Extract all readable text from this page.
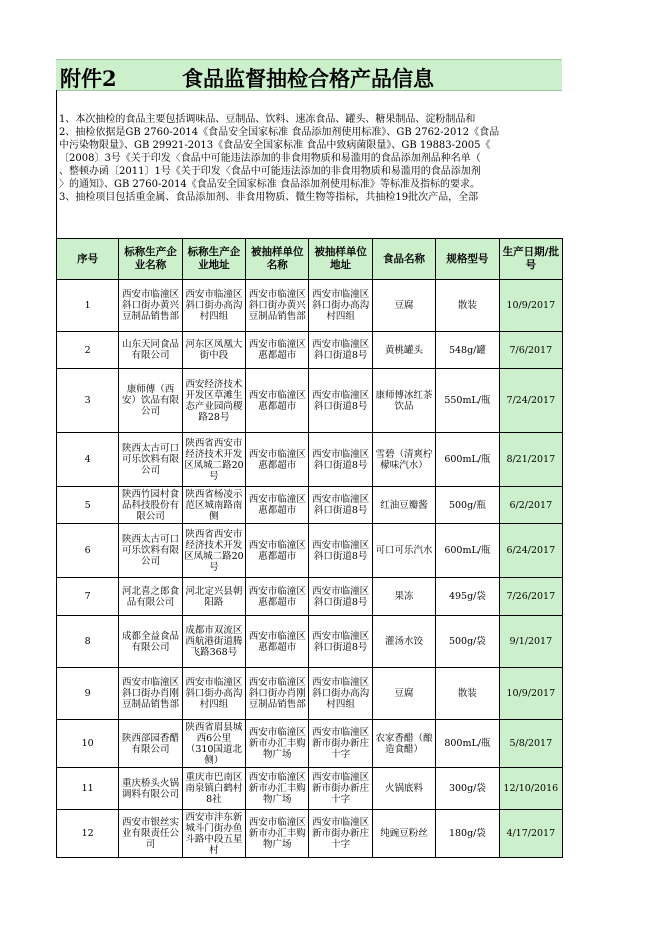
附件2	食品监督抽检合格产品信息
1、本次抽检的食品主要包括调味品、豆制品、饮料、速冻食品、罐头、糖果制品、淀粉制品和
2、抽检依据是GB 2760-2014《食品安全国家标准 食品添加剂使用标准》、GB 2762-2012《食品
中污染物限量》、GB 29921-2013《食品安全国家标准 食品中致病菌限量》、GB 19883-2005《
〔2008〕3号《关于印发〈食品中可能违法添加的非食用物质和易滥用的食品添加剂品种名单（
、整顿办函〔2011〕1号《关于印发〈食品中可能违法添加的非食用物质和易滥用的食品添加剂
〉的通知》、GB 2760-2014《食品安全国家标准 食品添加剂使用标准》等标准及指标的要求。
3、抽检项目包括重金属、食品添加剂、非食用物质、微生物等指标，共抽检19批次产品，全部
序号	标称生产企业名称	标称生产企业地址	被抽样单位名称	被抽样单位地址	食品名称	规格型号	生产日期/批号
1	西安市临潼区斜口街办黄兴豆制品销售部	西安市临潼区斜口街办高沟村四组	西安市临潼区斜口街办黄兴豆制品销售部	西安市临潼区斜口街办高沟村四组	豆腐	散装	10/9/2017
2	山东天同食品有限公司	河东区凤凰大街中段	西安市临潼区惠都超市	西安市临潼区斜口街道8号	黄桃罐头	548g/罐	7/6/2017
3	康师傅（西安）饮品有限公司	西安经济技术开发区草滩生态产业园尚稷路28号	西安市临潼区惠都超市	西安市临潼区斜口街道8号	康师傅冰红茶饮品	550mL/瓶	7/24/2017
4	陕西太古可口可乐饮料有限公司	陕西省西安市经济技术开发区凤城二路20号	西安市临潼区惠都超市	西安市临潼区斜口街道8号	雪碧（清爽柠檬味汽水）	600mL/瓶	8/21/2017
5	陕西竹园村食品科技股份有限公司	陕西省杨凌示范区城南路南侧	西安市临潼区惠都超市	西安市临潼区斜口街道8号	红油豆瓣酱	500g/瓶	6/2/2017
6	陕西太古可口可乐饮料有限公司	陕西省西安市经济技术开发区凤城二路20号	西安市临潼区惠都超市	西安市临潼区斜口街道8号	可口可乐汽水	600mL/瓶	6/24/2017
7	河北喜之郎食品有限公司	河北定兴县朝阳路	西安市临潼区惠都超市	西安市临潼区斜口街道8号	果冻	495g/袋	7/26/2017
8	成都全益食品有限公司	成都市双流区西航港街道腾飞路368号	西安市临潼区惠都超市	西安市临潼区斜口街道8号	灌汤水饺	500g/袋	9/1/2017
9	西安市临潼区斜口街办肖刚豆制品销售部	西安市临潼区斜口街办高沟村四组	西安市临潼区斜口街办肖刚豆制品销售部	西安市临潼区斜口街办高沟村四组	豆腐	散装	10/9/2017
10	陕西郃园香醋有限公司	陕西省眉县城西6公里（310国道北侧）	西安市临潼区新市办汇丰购物广场	西安市临潼区新市街办新庄十字	农家香醋（酿造食醋）	800mL/瓶	5/8/2017
11	重庆桥头火锅调料有限公司	重庆市巴南区南泉镇白鹤村8社	西安市临潼区新市办汇丰购物广场	西安市临潼区新市街办新庄十字	火锅底料	300g/袋	12/10/2016
12	西安市银丝实业有限责任公司	西安市沣东新城斗门街办鱼斗路中段五星村	西安市临潼区新市办汇丰购物广场	西安市临潼区新市街办新庄十字	纯豌豆粉丝	180g/袋	4/17/2017
